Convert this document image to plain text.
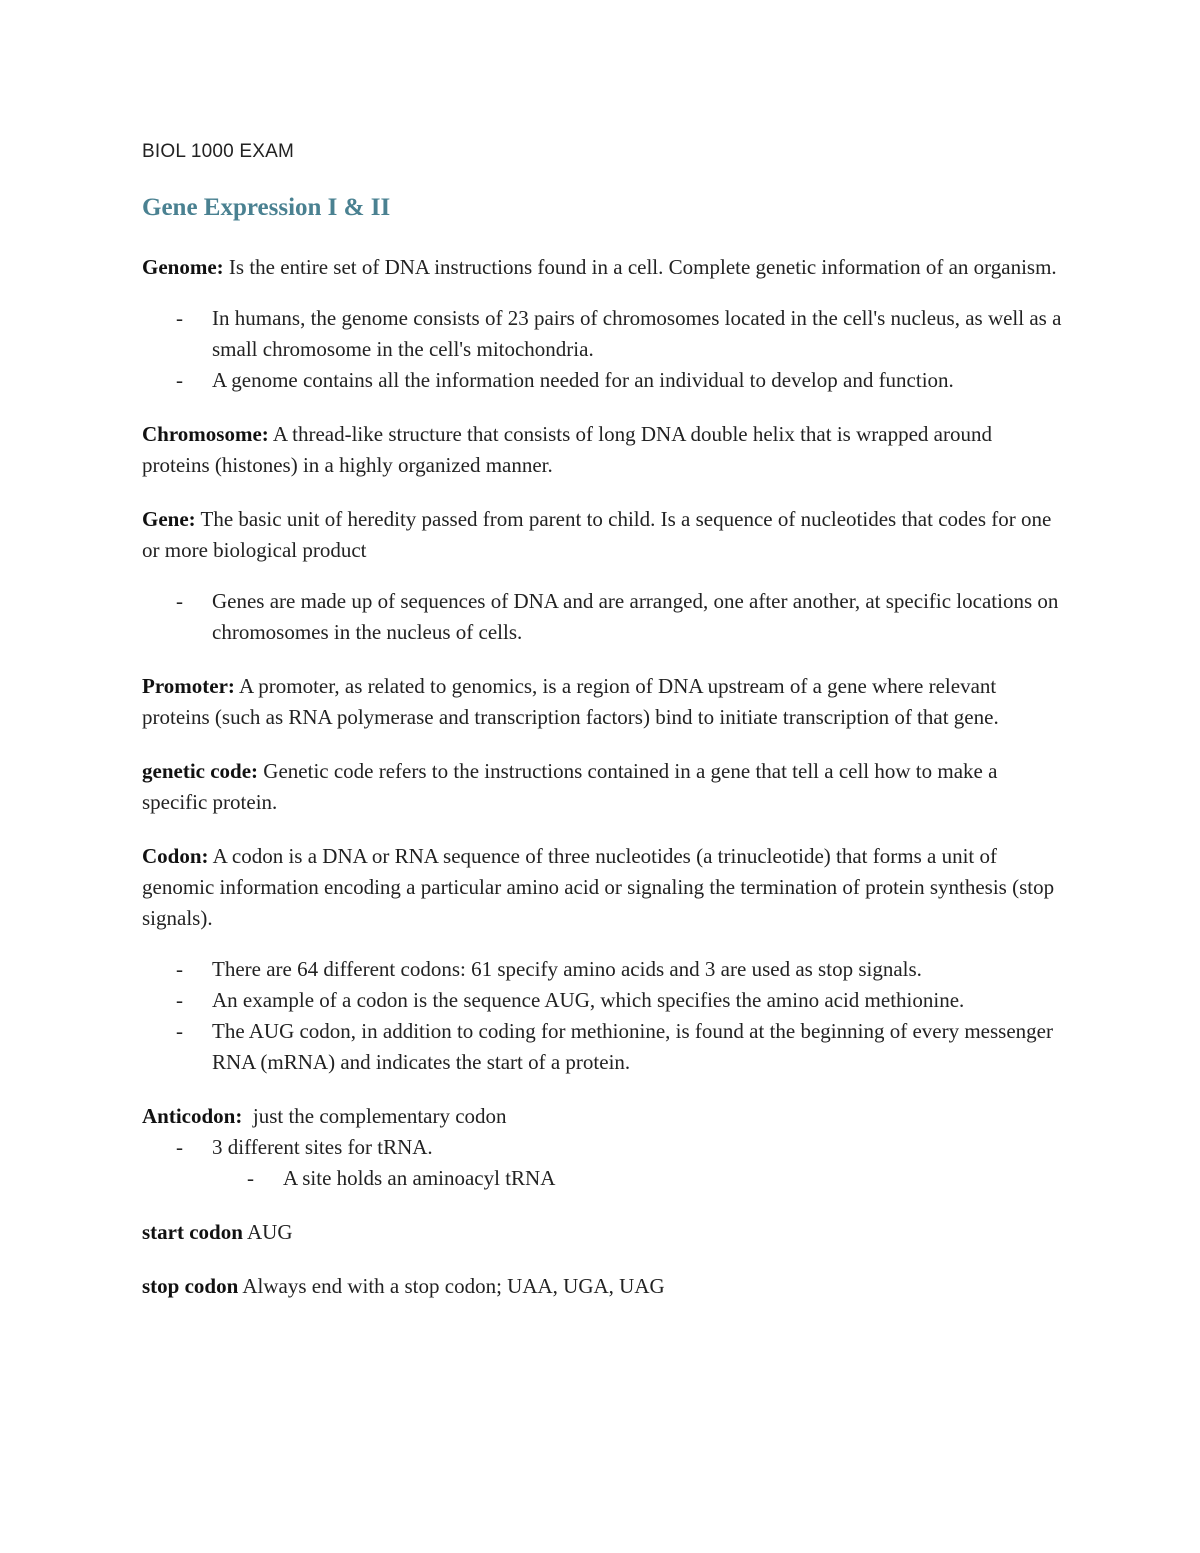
BIOL 1000 EXAM
Gene Expression I & II

Genome: Is the entire set of DNA instructions found in a cell. Complete genetic information of an organism.

- In humans, the genome consists of 23 pairs of chromosomes located in the cell's nucleus, as well as a small chromosome in the cell's mitochondria.
- A genome contains all the information needed for an individual to develop and function.

Chromosome: A thread-like structure that consists of long DNA double helix that is wrapped around proteins (histones) in a highly organized manner.

Gene: The basic unit of heredity passed from parent to child. Is a sequence of nucleotides that codes for one or more biological product

- Genes are made up of sequences of DNA and are arranged, one after another, at specific locations on chromosomes in the nucleus of cells.

Promoter: A promoter, as related to genomics, is a region of DNA upstream of a gene where relevant proteins (such as RNA polymerase and transcription factors) bind to initiate transcription of that gene.

genetic code: Genetic code refers to the instructions contained in a gene that tell a cell how to make a specific protein.

Codon: A codon is a DNA or RNA sequence of three nucleotides (a trinucleotide) that forms a unit of genomic information encoding a particular amino acid or signaling the termination of protein synthesis (stop signals).

- There are 64 different codons: 61 specify amino acids and 3 are used as stop signals.
- An example of a codon is the sequence AUG, which specifies the amino acid methionine.
- The AUG codon, in addition to coding for methionine, is found at the beginning of every messenger RNA (mRNA) and indicates the start of a protein.

Anticodon:  just the complementary codon

- 3 different sites for tRNA.
- A site holds an aminoacyl tRNA

start codon AUG

stop codon Always end with a stop codon; UAA, UGA, UAG
